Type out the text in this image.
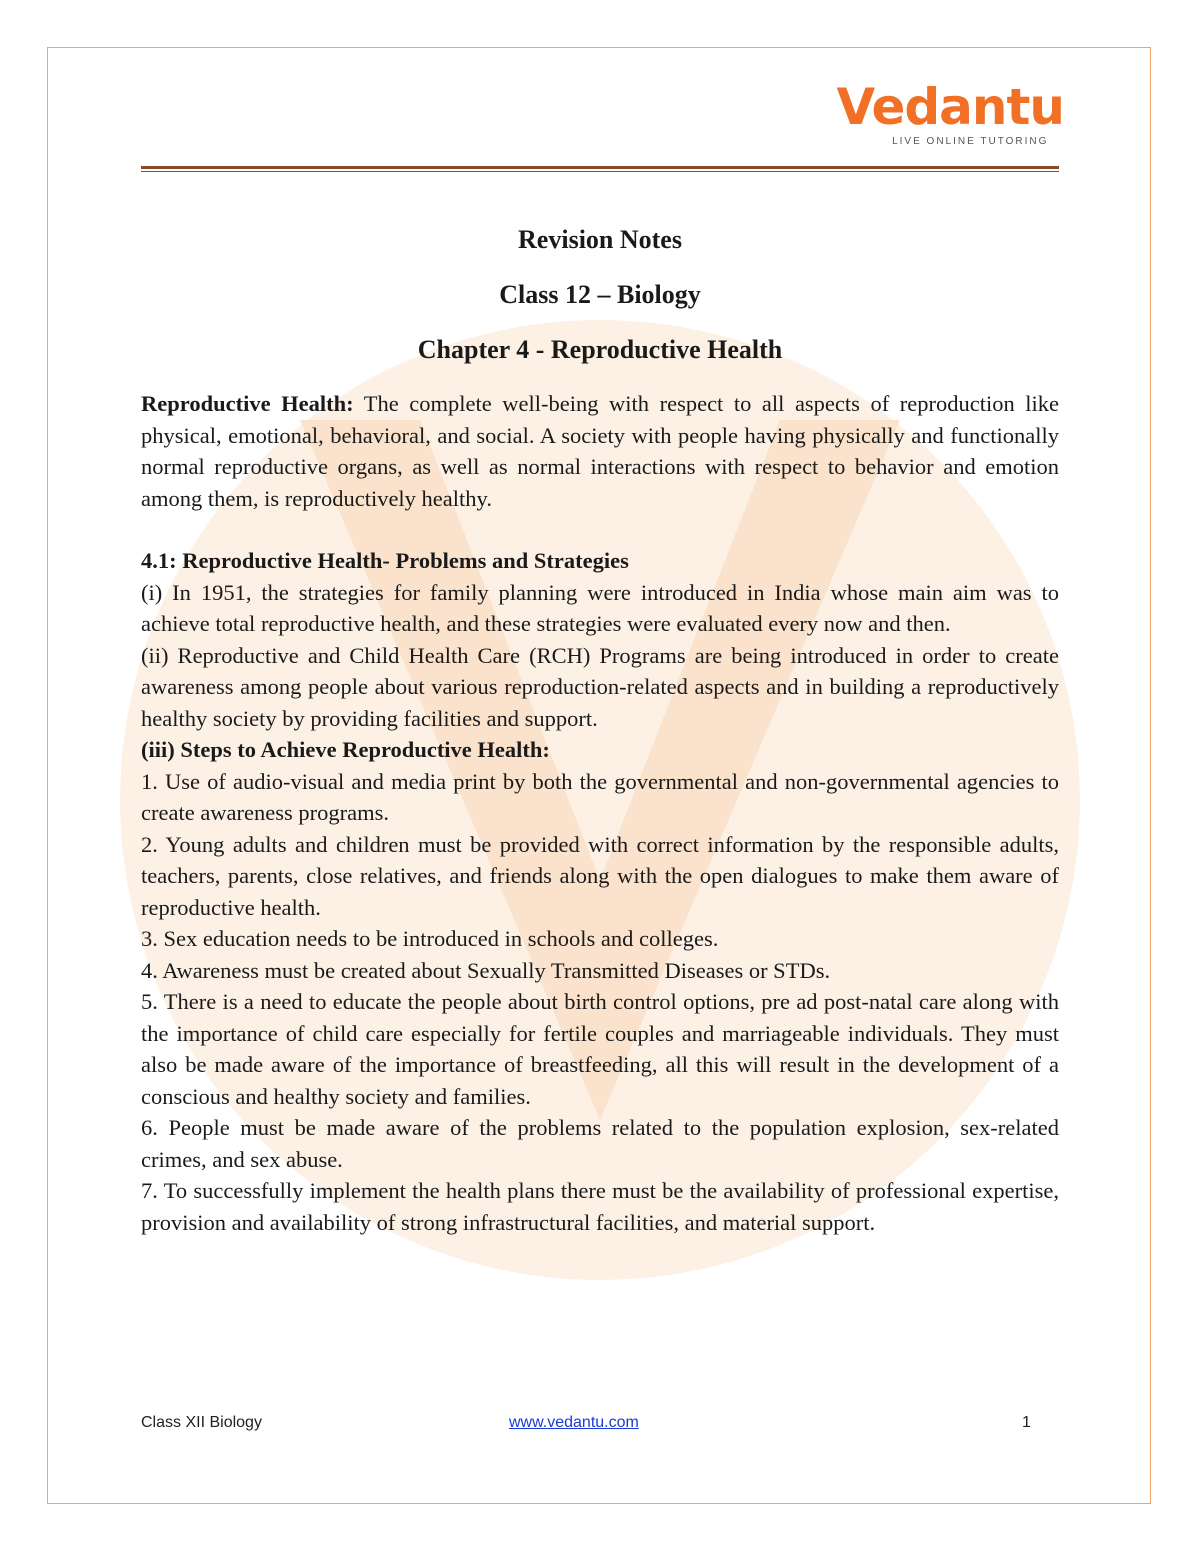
Vedantu
LIVE ONLINE TUTORING
Revision Notes
Class 12 – Biology
Chapter 4 - Reproductive Health

Reproductive Health: The complete well-being with respect to all aspects of reproduction like physical, emotional, behavioral, and social. A society with people having physically and functionally normal reproductive organs, as well as normal interactions with respect to behavior and emotion among them, is reproductively healthy.

4.1: Reproductive Health- Problems and Strategies

(i) In 1951, the strategies for family planning were introduced in India whose main aim was to achieve total reproductive health, and these strategies were evaluated every now and then.

(ii) Reproductive and Child Health Care (RCH) Programs are being introduced in order to create awareness among people about various reproduction-related aspects and in building a reproductively healthy society by providing facilities and support.

(iii) Steps to Achieve Reproductive Health:

1. Use of audio-visual and media print by both the governmental and non-governmental agencies to create awareness programs.

2. Young adults and children must be provided with correct information by the responsible adults, teachers, parents, close relatives, and friends along with the open dialogues to make them aware of reproductive health.

3. Sex education needs to be introduced in schools and colleges.

4. Awareness must be created about Sexually Transmitted Diseases or STDs.

5. There is a need to educate the people about birth control options, pre ad post-natal care along with the importance of child care especially for fertile couples and marriageable individuals. They must also be made aware of the importance of breastfeeding, all this will result in the development of a conscious and healthy society and families.

6. People must be made aware of the problems related to the population explosion, sex-related crimes, and sex abuse.

7. To successfully implement the health plans there must be the availability of professional expertise, provision and availability of strong infrastructural facilities, and material support.

Class XII Biology	www.vedantu.com	1
